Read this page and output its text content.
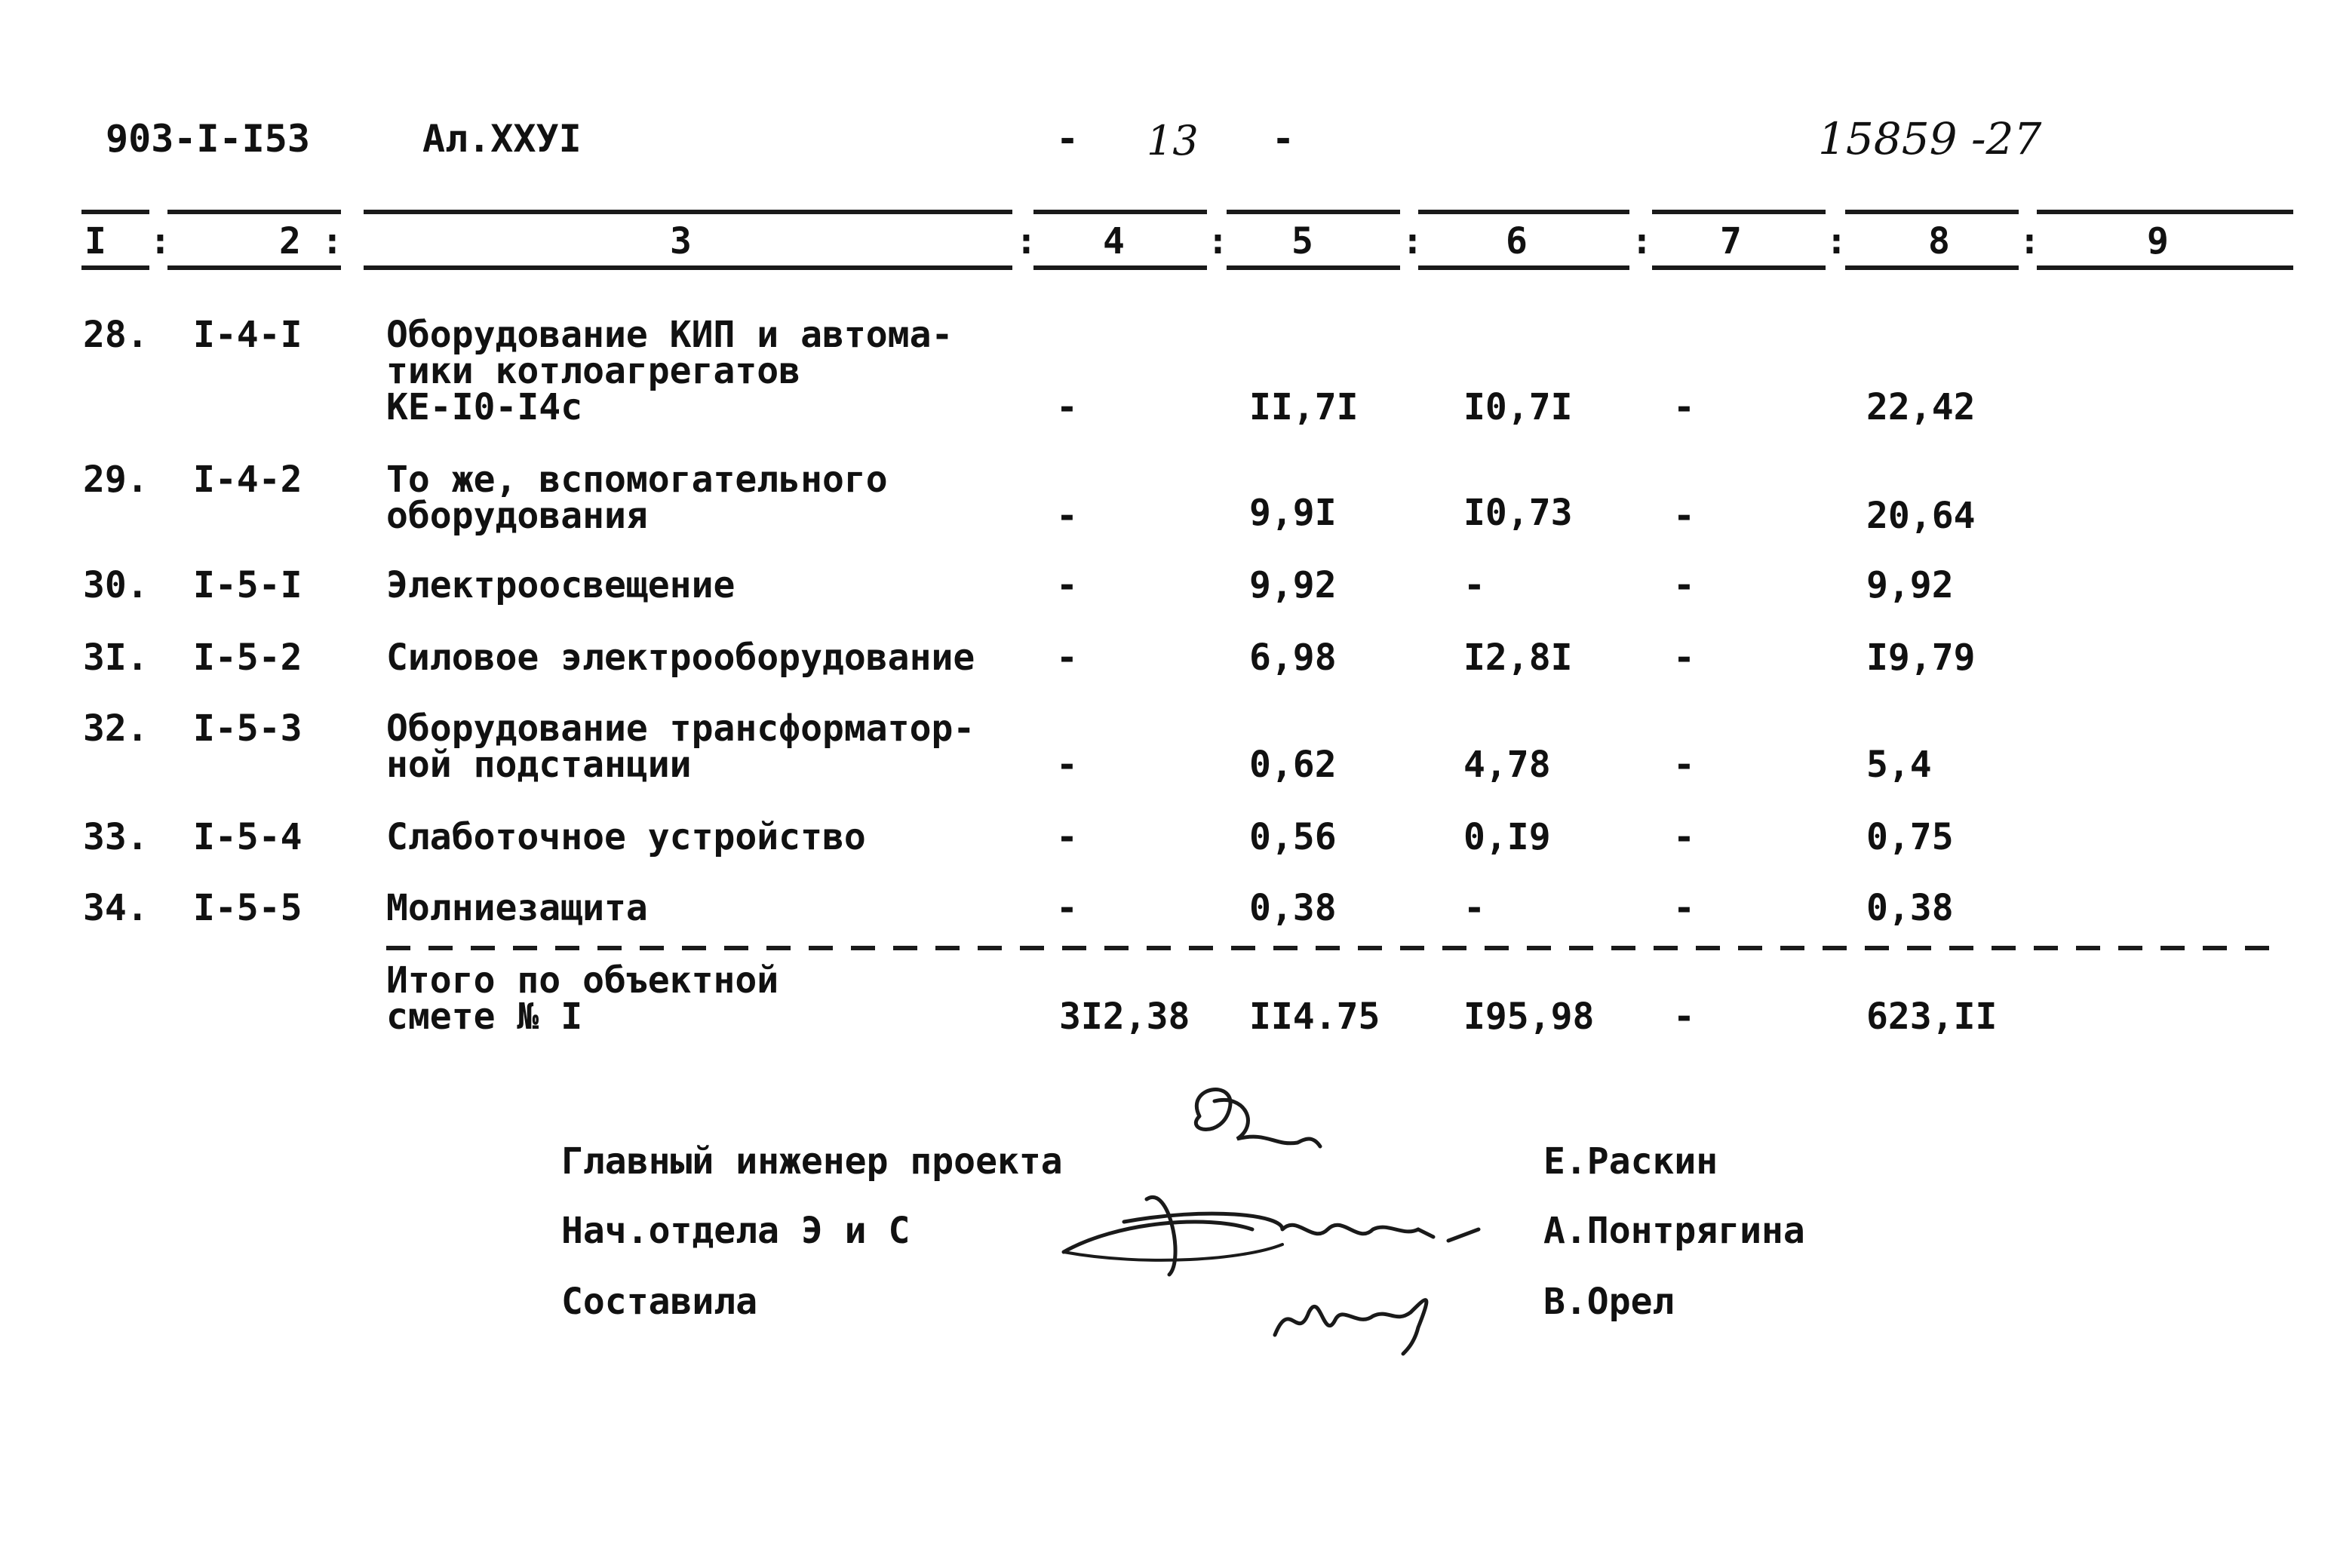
903-I-I53	Ал.XXУI	- 13 -	15859 -27
I :	2 :	3	: 4 : 5 : 6	: 7 : 8 :	9
28. I-4-I Оборудование КИП и автома-
тики котлоагрегатов
КЕ-I0-I4с	-	II,7I	I0,7I	-	22,42
29. I-4-2 То же, вспомогательного
оборудования	-	9,9I	I0,73	-	20,64
30. I-5-I Электроосвещение	-	9,92	-	-	9,92
3I. I-5-2 Силовое электрооборудование -	6,98	I2,8I	-	I9,79
32. I-5-3 Оборудование трансформатор-
ной подстанции	-	0,62	4,78	-	5,4
33. I-5-4 Слаботочное устройство	-	0,56	0,I9	-	0,75
34. I-5-5 Молниезащита	-	0,38	-	-	0,38
Итого по объектной
смете № I	3I2,38 II4.75 I95,98 -	623,II
Главный инженер проекта	Е.Раскин
Нач.отдела Э и С	А.Понтрягина
Составила	В.Орел
